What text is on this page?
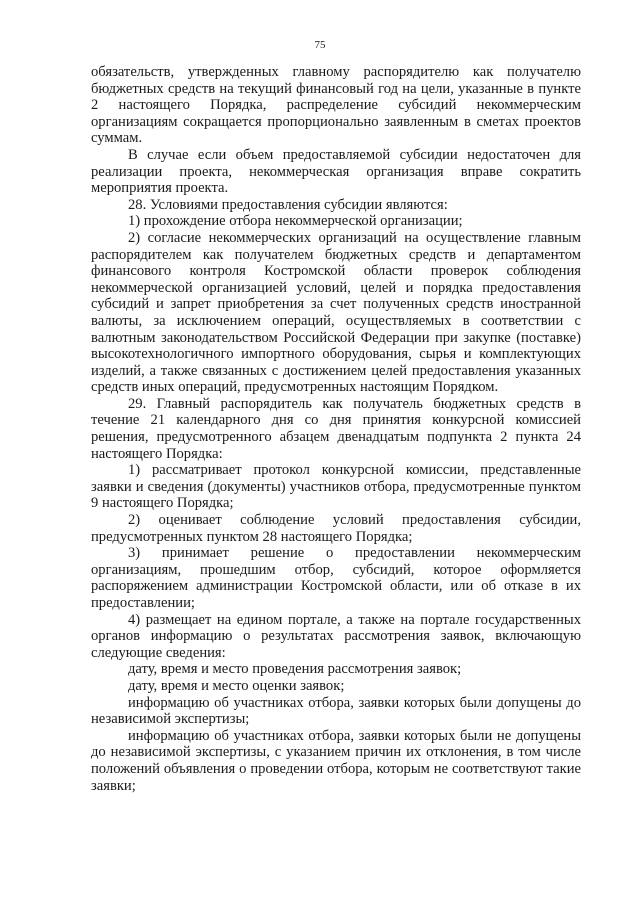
75

обязательств, утвержденных главному распорядителю как получателю бюджетных средств на текущий финансовый год на цели, указанные в пункте 2 настоящего Порядка, распределение субсидий некоммерческим организациям сокращается пропорционально заявленным в сметах проектов суммам.

В случае если объем предоставляемой субсидии недостаточен для реализации проекта, некоммерческая организация вправе сократить мероприятия проекта.

28. Условиями предоставления субсидии являются:

1) прохождение отбора некоммерческой организации;

2) согласие некоммерческих организаций на осуществление главным распорядителем как получателем бюджетных средств и департаментом финансового контроля Костромской области проверок соблюдения некоммерческой организацией условий, целей и порядка предоставления субсидий и запрет приобретения за счет полученных средств иностранной валюты, за исключением операций, осуществляемых в соответствии с валютным законодательством Российской Федерации при закупке (поставке) высокотехнологичного импортного оборудования, сырья и комплектующих изделий, а также связанных с достижением целей предоставления указанных средств иных операций, предусмотренных настоящим Порядком.

29. Главный распорядитель как получатель бюджетных средств в течение 21 календарного дня со дня принятия конкурсной комиссией решения, предусмотренного абзацем двенадцатым подпункта 2 пункта 24 настоящего Порядка:

1) рассматривает протокол конкурсной комиссии, представленные заявки и сведения (документы) участников отбора, предусмотренные пунктом 9 настоящего Порядка;

2) оценивает соблюдение условий предоставления субсидии, предусмотренных пунктом 28 настоящего Порядка;

3) принимает решение о предоставлении некоммерческим организациям, прошедшим отбор, субсидий, которое оформляется распоряжением администрации Костромской области, или об отказе в их предоставлении;

4) размещает на едином портале, а также на портале государственных органов информацию о результатах рассмотрения заявок, включающую следующие сведения:

дату, время и место проведения рассмотрения заявок;

дату, время и место оценки заявок;

информацию об участниках отбора, заявки которых были допущены до независимой экспертизы;

информацию об участниках отбора, заявки которых были не допущены до независимой экспертизы, с указанием причин их отклонения, в том числе положений объявления о проведении отбора, которым не соответствуют такие заявки;
